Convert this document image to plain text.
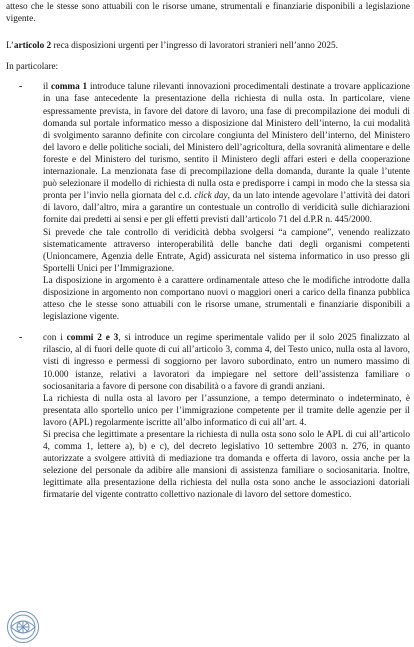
atteso che le stesse sono attuabili con le risorse umane, strumentali e finanziarie disponibili a legislazione vigente.

L’articolo 2 reca disposizioni urgenti per l’ingresso di lavoratori stranieri nell’anno 2025.

In particolare:

- il comma 1 introduce talune rilevanti innovazioni procedimentali destinate a trovare applicazione in una fase antecedente la presentazione della richiesta di nulla osta. In particolare, viene espressamente prevista, in favore del datore di lavoro, una fase di precompilazione dei moduli di domanda sul portale informatico messo a disposizione dal Ministero dell’interno, la cui modalità di svolgimento saranno definite con circolare congiunta del Ministero dell’interno, del Ministero del lavoro e delle politiche sociali, del Ministero dell’agricoltura, della sovranità alimentare e delle foreste e del Ministero del turismo, sentito il Ministero degli affari esteri e della cooperazione internazionale. La menzionata fase di precompilazione della domanda, durante la quale l’utente può selezionare il modello di richiesta di nulla osta e predisporre i campi in modo che la stessa sia pronta per l’invio nella giornata del c.d. click day, da un lato intende agevolare l’attività dei datori di lavoro, dall’altro, mira a garantire un contestuale un controllo di veridicità sulle dichiarazioni fornite dai predetti ai sensi e per gli effetti previsti dall’articolo 71 del d.P.R n. 445/2000.

Si prevede che tale controllo di veridicità debba svolgersi “a campione”, venendo realizzato sistematicamente attraverso interoperabilità delle banche dati degli organismi competenti (Unioncamere, Agenzia delle Entrate, Agid) assicurata nel sistema informatico in uso presso gli Sportelli Unici per l’Immigrazione.

La disposizione in argomento è a carattere ordinamentale atteso che le modifiche introdotte dalla disposizione in argomento non comportano nuovi o maggiori oneri a carico della finanza pubblica atteso che le stesse sono attuabili con le risorse umane, strumentali e finanziarie disponibili a legislazione vigente.

- con i commi 2 e 3, si introduce un regime sperimentale valido per il solo 2025 finalizzato al rilascio, al di fuori delle quote di cui all’articolo 3, comma 4, del Testo unico, nulla osta al lavoro, visti di ingresso e permessi di soggiorno per lavoro subordinato, entro un numero massimo di 10.000 istanze, relativi a lavoratori da impiegare nel settore dell’assistenza familiare o sociosanitaria a favore di persone con disabilità o a favore di grandi anziani.

La richiesta di nulla osta al lavoro per l’assunzione, a tempo determinato o indeterminato, è presentata allo sportello unico per l’immigrazione competente per il tramite delle agenzie per il lavoro (APL) regolarmente iscritte all’albo informatico di cui all’art. 4.

Si precisa che legittimate a presentare la richiesta di nulla osta sono solo le APL di cui all’articolo 4, comma 1, lettere a), b) e c), del decreto legislativo 10 settembre 2003 n. 276, in quanto autorizzate a svolgere attività di mediazione tra domanda e offerta di lavoro, ossia anche per la selezione del personale da adibire alle mansioni di assistenza familiare o sociosanitaria. Inoltre, legittimate alla presentazione della richiesta del nulla osta sono anche le associazioni datoriali firmatarie del vigente contratto collettivo nazionale di lavoro del settore domestico.
